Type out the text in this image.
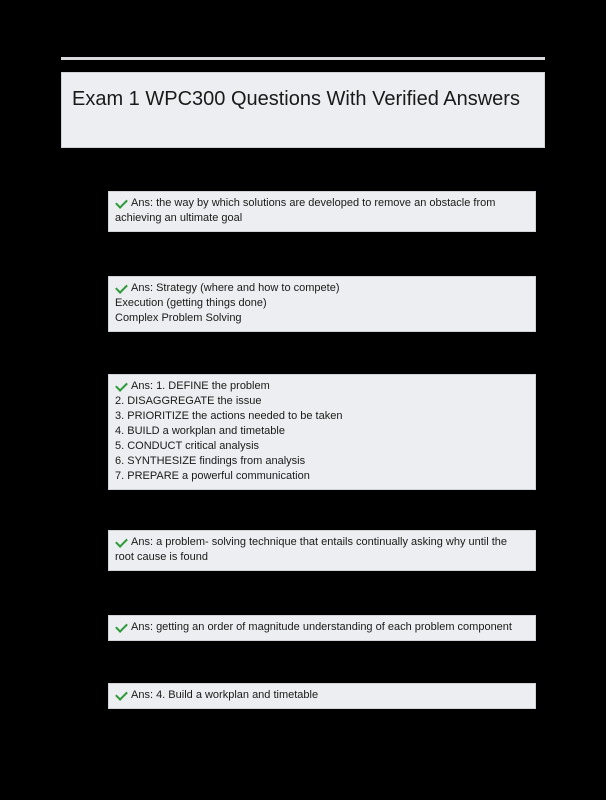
Exam 1 WPC300 Questions With Verified Answers
Ans: the way by which solutions are developed to remove an obstacle from achieving an ultimate goal
Ans: Strategy (where and how to compete)
Execution (getting things done)
Complex Problem Solving
Ans: 1. DEFINE the problem
2. DISAGGREGATE the issue
3. PRIORITIZE the actions needed to be taken
4. BUILD a workplan and timetable
5. CONDUCT critical analysis
6. SYNTHESIZE findings from analysis
7. PREPARE a powerful communication
Ans: a problem- solving technique that entails continually asking why until the root cause is found
Ans: getting an order of magnitude understanding of each problem component
Ans: 4. Build a workplan and timetable
